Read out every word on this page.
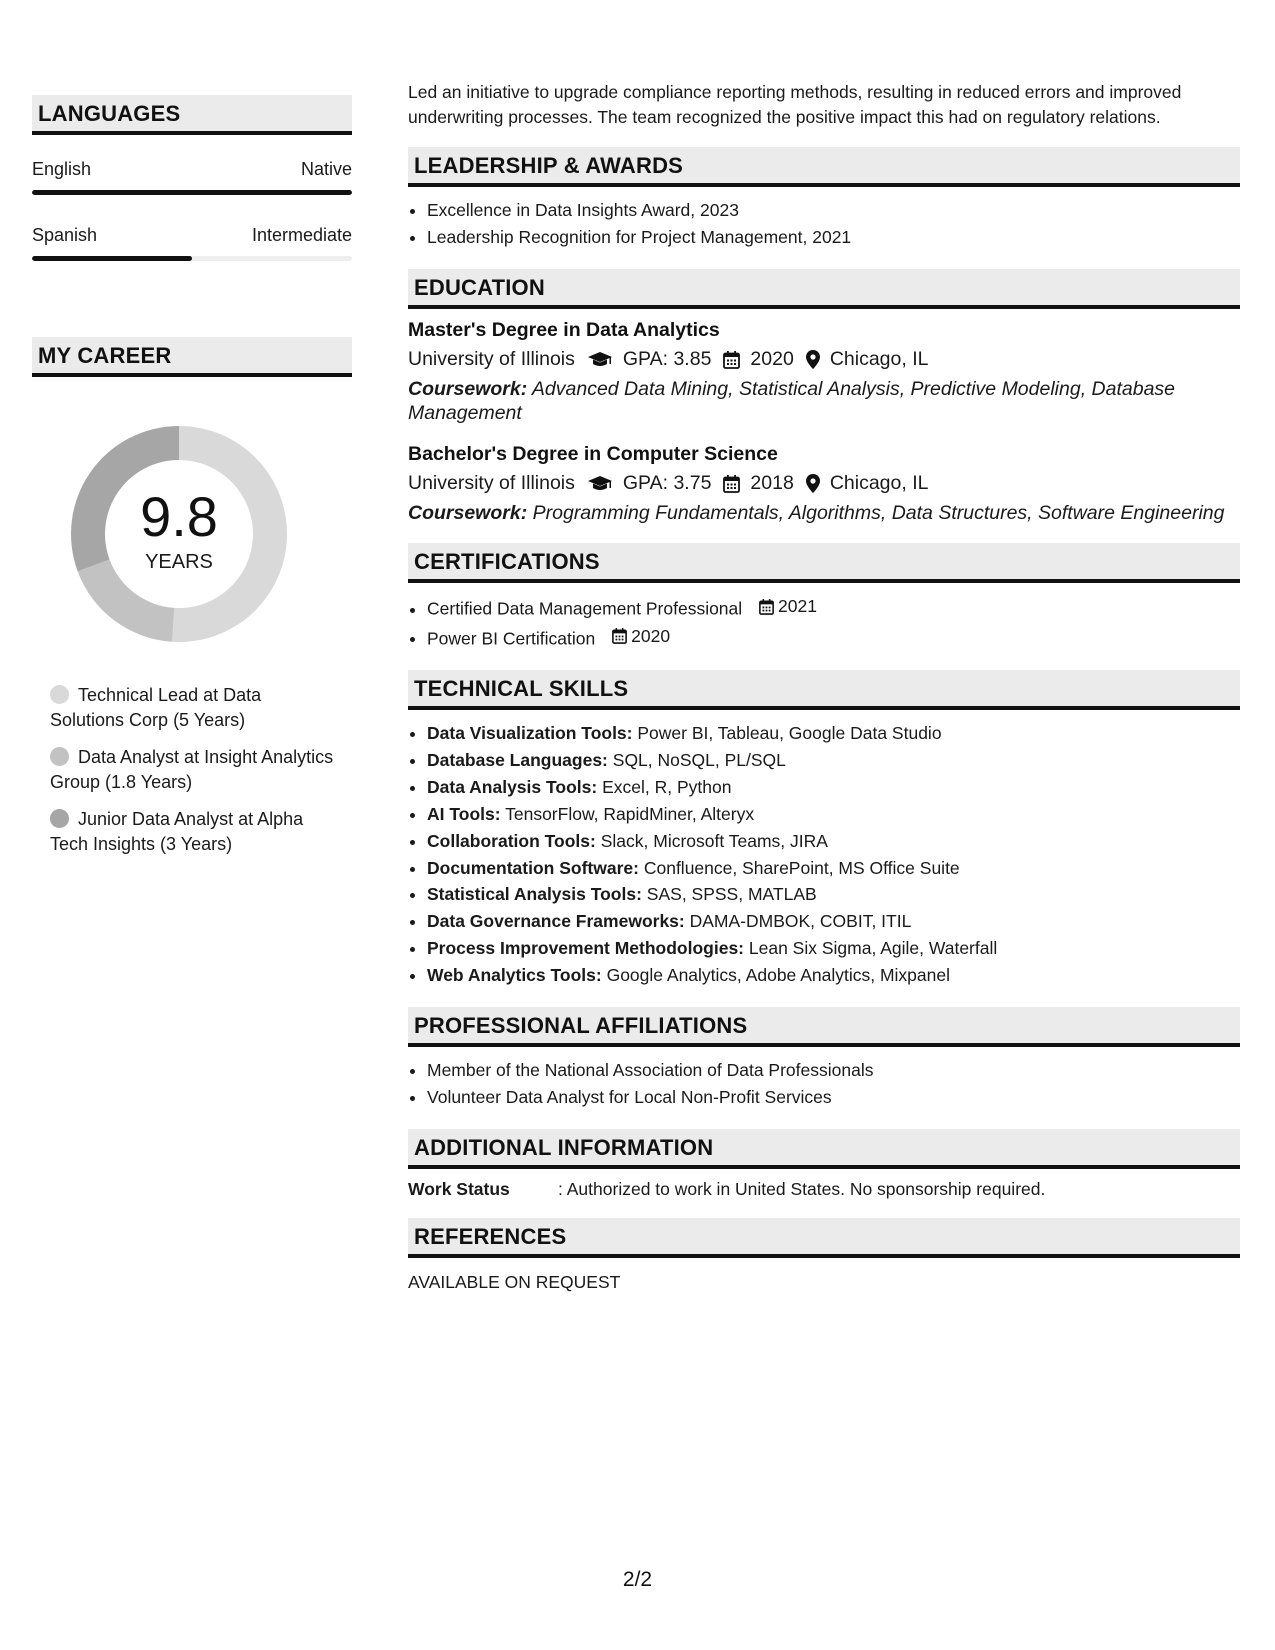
LANGUAGES
English	Native
Spanish	Intermediate
MY CAREER
9.8
YEARS
Technical Lead at Data Solutions Corp (5 Years)
Data Analyst at Insight Analytics Group (1.8 Years)
Junior Data Analyst at Alpha Tech Insights (3 Years)
Led an initiative to upgrade compliance reporting methods, resulting in reduced errors and improved underwriting processes. The team recognized the positive impact this had on regulatory relations.
LEADERSHIP & AWARDS
• Excellence in Data Insights Award, 2023
• Leadership Recognition for Project Management, 2021
EDUCATION
Master's Degree in Data Analytics
University of Illinois GPA: 3.85 2020 Chicago, IL
Coursework: Advanced Data Mining, Statistical Analysis, Predictive Modeling, Database Management
Bachelor's Degree in Computer Science
University of Illinois GPA: 3.75 2018 Chicago, IL
Coursework: Programming Fundamentals, Algorithms, Data Structures, Software Engineering
CERTIFICATIONS
• Certified Data Management Professional 2021
• Power BI Certification 2020
TECHNICAL SKILLS
• Data Visualization Tools: Power BI, Tableau, Google Data Studio
• Database Languages: SQL, NoSQL, PL/SQL
• Data Analysis Tools: Excel, R, Python
• AI Tools: TensorFlow, RapidMiner, Alteryx
• Collaboration Tools: Slack, Microsoft Teams, JIRA
• Documentation Software: Confluence, SharePoint, MS Office Suite
• Statistical Analysis Tools: SAS, SPSS, MATLAB
• Data Governance Frameworks: DAMA-DMBOK, COBIT, ITIL
• Process Improvement Methodologies: Lean Six Sigma, Agile, Waterfall
• Web Analytics Tools: Google Analytics, Adobe Analytics, Mixpanel
PROFESSIONAL AFFILIATIONS
• Member of the National Association of Data Professionals
• Volunteer Data Analyst for Local Non-Profit Services
ADDITIONAL INFORMATION
Work Status	: Authorized to work in United States. No sponsorship required.
REFERENCES
AVAILABLE ON REQUEST
2/2
